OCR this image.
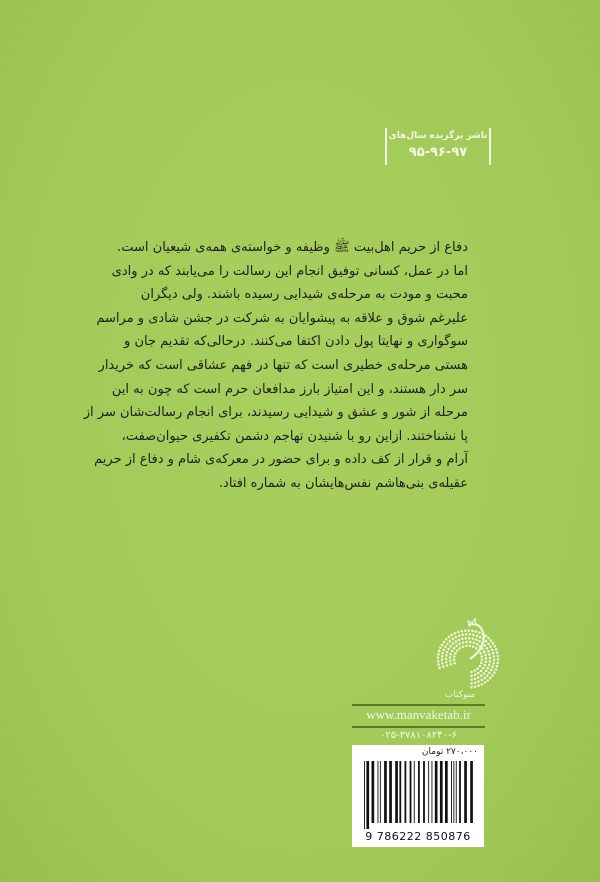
ناشر برگزیده سال‌های
۹۵-۹۶-۹۷
دفاع از حریم اهل‌بیت ﷺ وظیفه و خواسته‌ی همه‌ی شیعیان است.
اما در عمل، کسانی توفیق انجام این رسالت را می‌یابند که در وادی
محبت و مودت به مرحله‌ی شیدایی رسیده باشند. ولی دیگران
علیرغم شوق و علاقه به پیشوایان به شرکت در جشن شادی و مراسم
سوگواری و نهایتا پول دادن اکتفا می‌کنند. درحالی‌که تقدیم جان و
هستی مرحله‌ی خطیری است که تنها در فهم عشاقی است که خریدار
سر دار هستند، و این امتیاز بارز مدافعان حرم است که چون به این
مرحله از شور و عشق و شیدایی رسیدند، برای انجام رسالت‌شان سر از
پا نشناختند. ازاین رو با شنیدن تهاجم دشمن تکفیری حیوان‌صفت،
آرام و قرار از کف داده و برای حضور در معرکه‌ی شام و دفاع از حریم
عقیله‌ی بنی‌هاشم نفس‌هایشان به شماره افتاد.
منوکتاب
www.manvaketab.ir
۰۲۵-۳۷۸۱۰۸۲۴۰-۶
۲۷۰،۰۰۰ تومان
9 786222 850876
